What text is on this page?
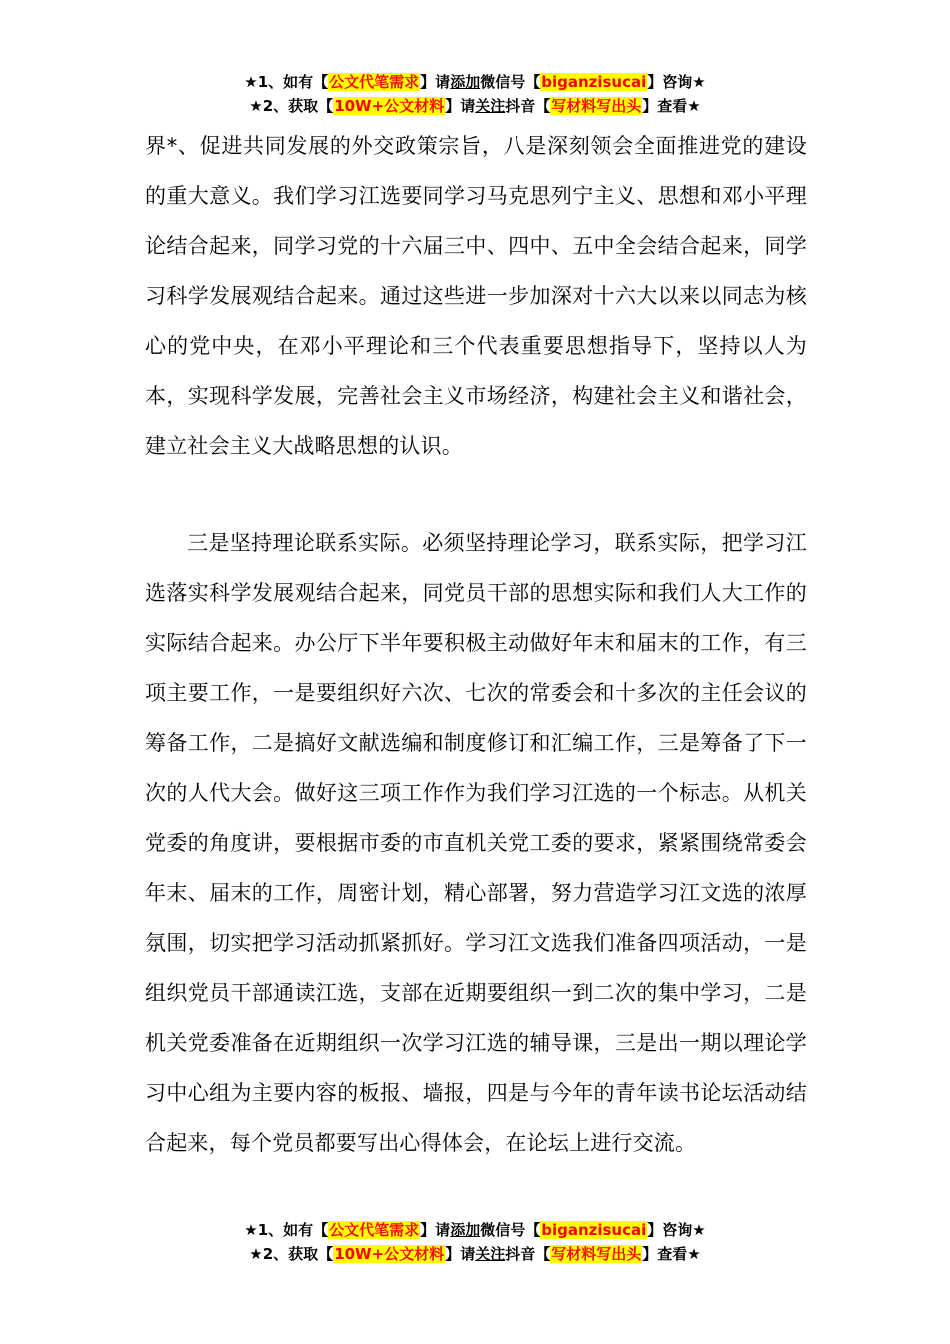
★1、如有【公文代笔需求】请添加微信号【biganzisucai】咨询★
★2、获取【10W+公文材料】请关注抖音【写材料写出头】查看★

界*、促进共同发展的外交政策宗旨，八是深刻领会全面推进党的建设的重大意义。我们学习江选要同学习马克思列宁主义、思想和邓小平理论结合起来，同学习党的十六届三中、四中、五中全会结合起来，同学习科学发展观结合起来。通过这些进一步加深对十六大以来以同志为核心的党中央，在邓小平理论和三个代表重要思想指导下，坚持以人为本，实现科学发展，完善社会主义市场经济，构建社会主义和谐社会，建立社会主义大战略思想的认识。

三是坚持理论联系实际。必须坚持理论学习，联系实际，把学习江选落实科学发展观结合起来，同党员干部的思想实际和我们人大工作的实际结合起来。办公厅下半年要积极主动做好年末和届末的工作，有三项主要工作，一是要组织好六次、七次的常委会和十多次的主任会议的筹备工作，二是搞好文献选编和制度修订和汇编工作，三是筹备了下一次的人代大会。做好这三项工作作为我们学习江选的一个标志。从机关党委的角度讲，要根据市委的市直机关党工委的要求，紧紧围绕常委会年末、届末的工作，周密计划，精心部署，努力营造学习江文选的浓厚氛围，切实把学习活动抓紧抓好。学习江文选我们准备四项活动，一是组织党员干部通读江选，支部在近期要组织一到二次的集中学习，二是机关党委准备在近期组织一次学习江选的辅导课，三是出一期以理论学习中心组为主要内容的板报、墙报，四是与今年的青年读书论坛活动结合起来，每个党员都要写出心得体会，在论坛上进行交流。

★1、如有【公文代笔需求】请添加微信号【biganzisucai】咨询★
★2、获取【10W+公文材料】请关注抖音【写材料写出头】查看★
